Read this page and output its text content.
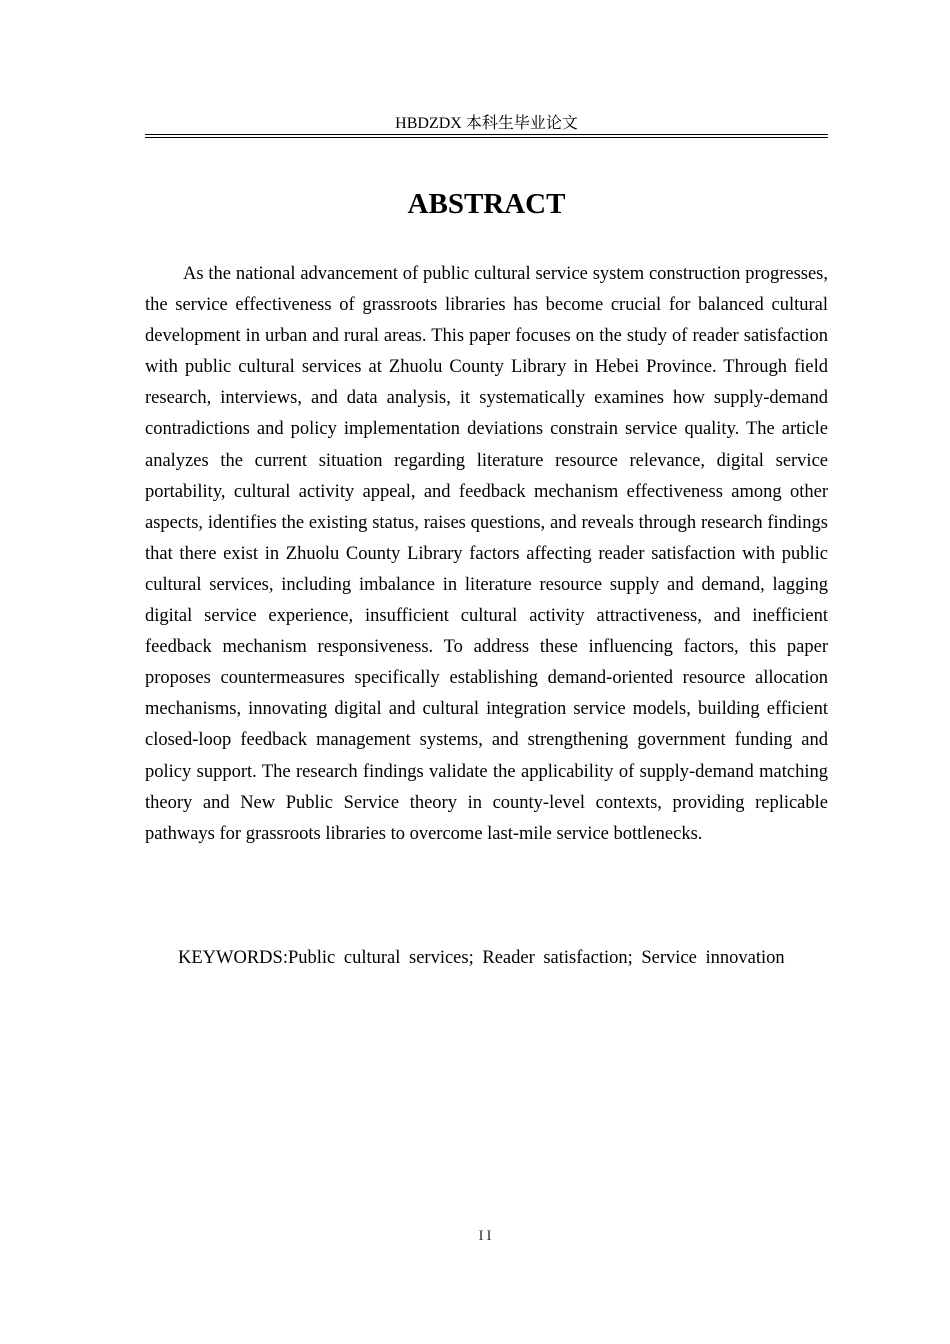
HBDZDX 本科生毕业论文
ABSTRACT

As the national advancement of public cultural service system construction progresses, the service effectiveness of grassroots libraries has become crucial for balanced cultural development in urban and rural areas. This paper focuses on the study of reader satisfaction with public cultural services at Zhuolu County Library in Hebei Province. Through field research, interviews, and data analysis, it systematically examines how supply-demand contradictions and policy implementation deviations constrain service quality. The article analyzes the current situation regarding literature resource relevance, digital service portability, cultural activity appeal, and feedback mechanism effectiveness among other aspects, identifies the existing status, raises questions, and reveals through research findings that there exist in Zhuolu County Library factors affecting reader satisfaction with public cultural services, including imbalance in literature resource supply and demand, lagging digital service experience, insufficient cultural activity attractiveness, and inefficient feedback mechanism responsiveness. To address these influencing factors, this paper proposes countermeasures specifically establishing demand-oriented resource allocation mechanisms, innovating digital and cultural integration service models, building efficient closed-loop feedback management systems, and strengthening government funding and policy support. The research findings validate the applicability of supply-demand matching theory and New Public Service theory in county-level contexts, providing replicable pathways for grassroots libraries to overcome last-mile service bottlenecks.

KEYWORDS:Public cultural services; Reader satisfaction; Service innovation

II
